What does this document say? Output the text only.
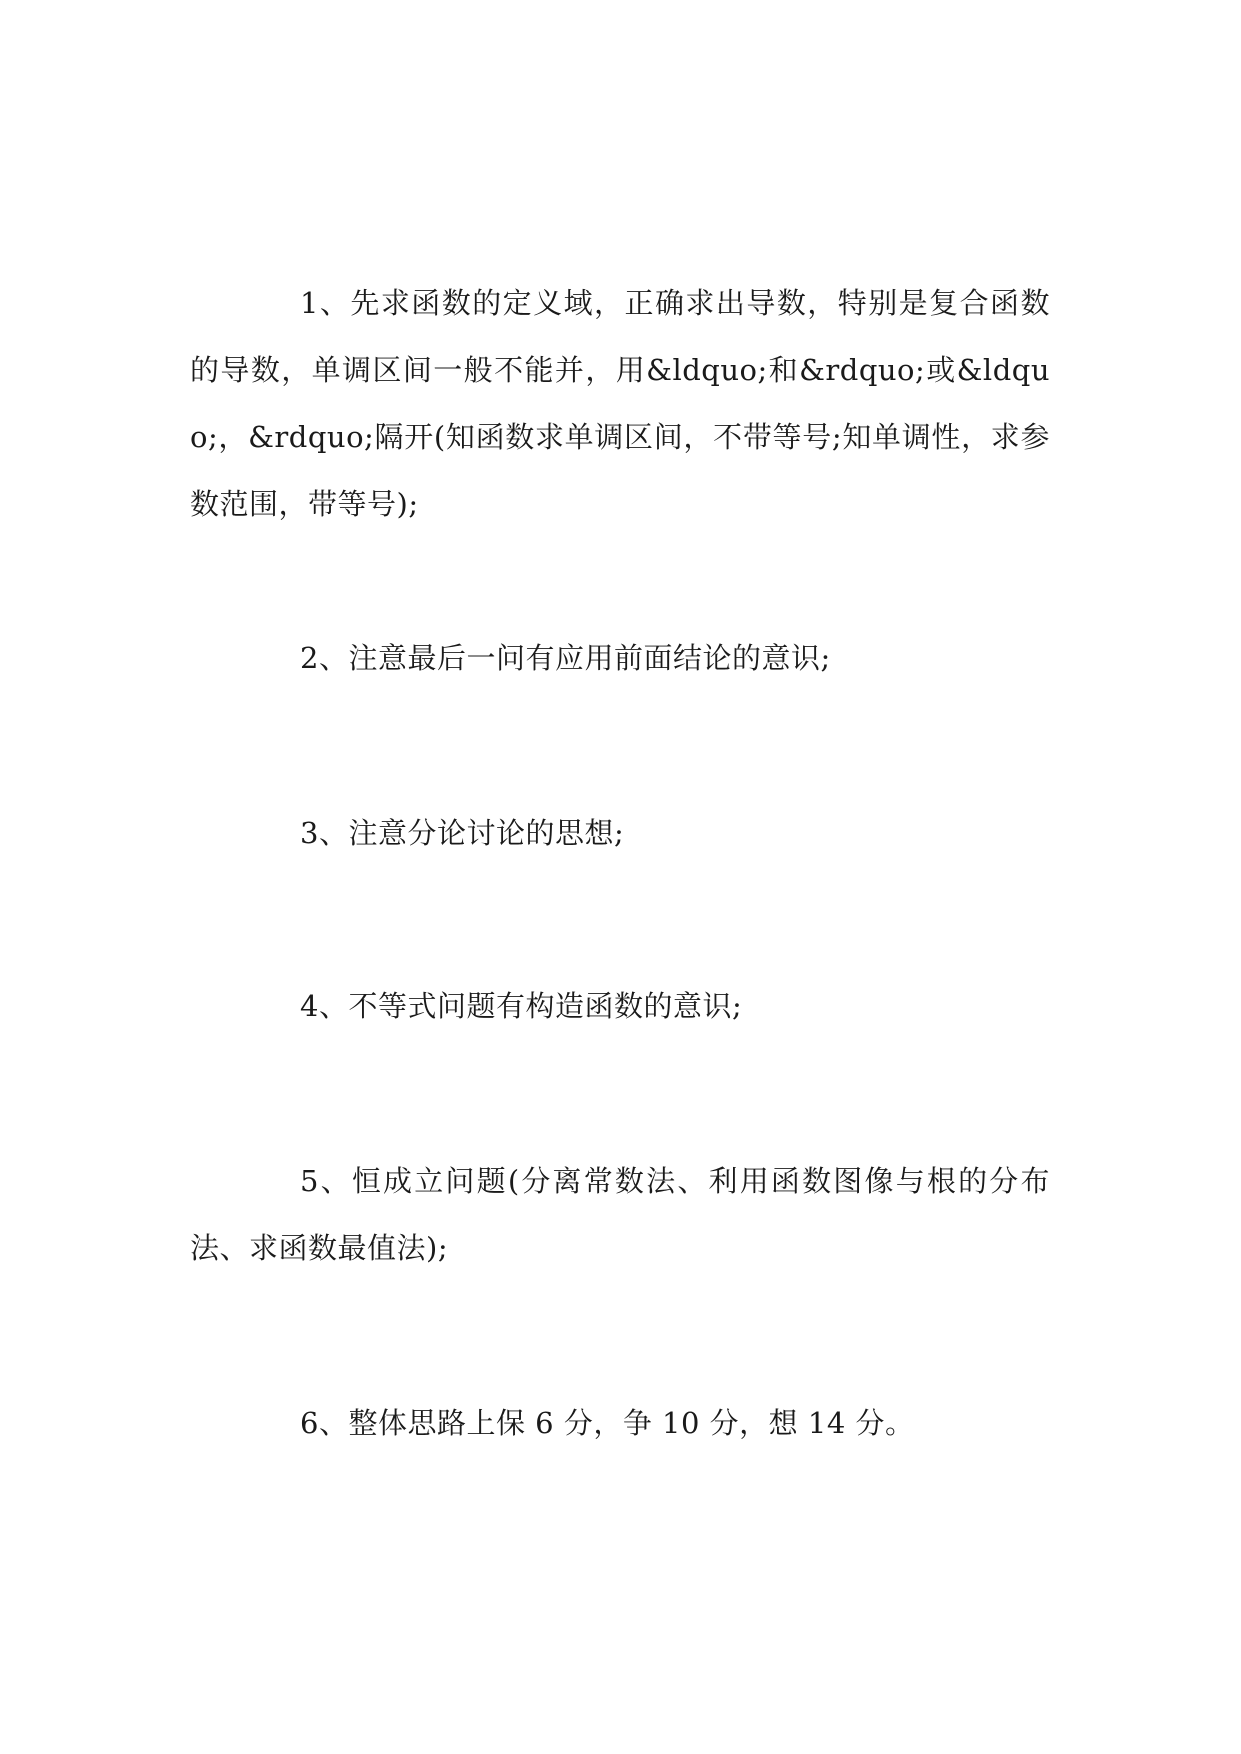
1、先求函数的定义域，正确求出导数，特别是复合函数的导数，单调区间一般不能并，用&ldquo;和&rdquo;或&ldquo;，&rdquo;隔开(知函数求单调区间，不带等号;知单调性，求参数范围，带等号);

2、注意最后一问有应用前面结论的意识;

3、注意分论讨论的思想;

4、不等式问题有构造函数的意识;

5、恒成立问题(分离常数法、利用函数图像与根的分布法、求函数最值法);

6、整体思路上保 6 分，争 10 分，想 14 分。
